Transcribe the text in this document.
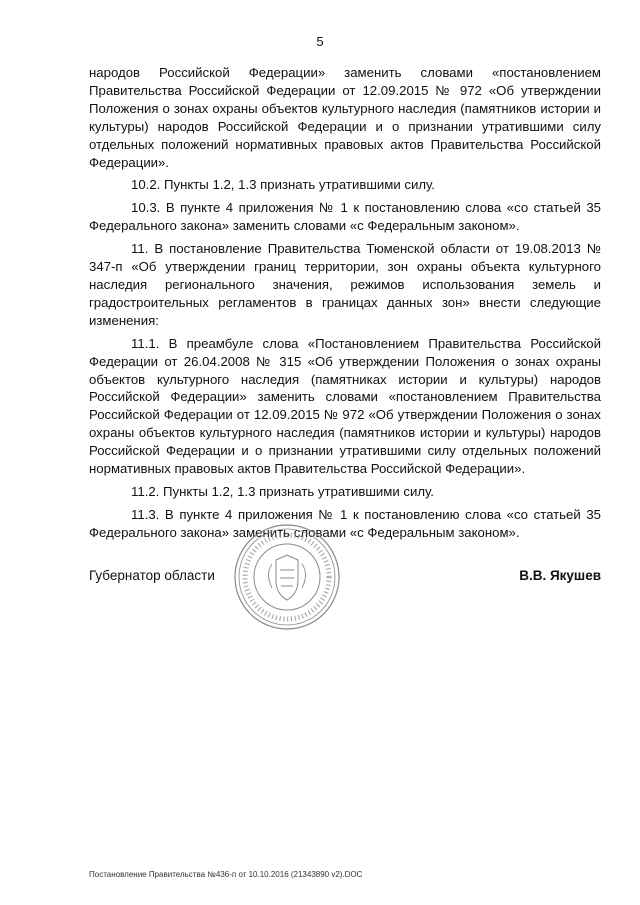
5

народов Российской Федерации» заменить словами «постановлением Правительства Российской Федерации от 12.09.2015 № 972 «Об утверждении Положения о зонах охраны объектов культурного наследия (памятников истории и культуры) народов Российской Федерации и о признании утратившими силу отдельных положений нормативных правовых актов Правительства Российской Федерации».

10.2. Пункты 1.2, 1.3 признать утратившими силу.

10.3. В пункте 4 приложения № 1 к постановлению слова «со статьей 35 Федерального закона» заменить словами «с Федеральным законом».

11. В постановление Правительства Тюменской области от 19.08.2013 № 347-п «Об утверждении границ территории, зон охраны объекта культурного наследия регионального значения, режимов использования земель и градостроительных регламентов в границах данных зон» внести следующие изменения:

11.1. В преамбуле слова «Постановлением Правительства Российской Федерации от 26.04.2008 № 315 «Об утверждении Положения о зонах охраны объектов культурного наследия (памятниках истории и культуры) народов Российской Федерации» заменить словами «постановлением Правительства Российской Федерации от 12.09.2015 № 972 «Об утверждении Положения о зонах охраны объектов культурного наследия (памятников истории и культуры) народов Российской Федерации и о признании утратившими силу отдельных положений нормативных правовых актов Правительства Российской Федерации».

11.2. Пункты 1.2, 1.3 признать утратившими силу.

11.3. В пункте 4 приложения № 1 к постановлению слова «со статьей 35 Федерального закона» заменить словами «с Федеральным законом».

Губернатор области	В.В. Якушев
Постановление Правительства №436-п от 10.10.2016 (21343890 v2).DOC
